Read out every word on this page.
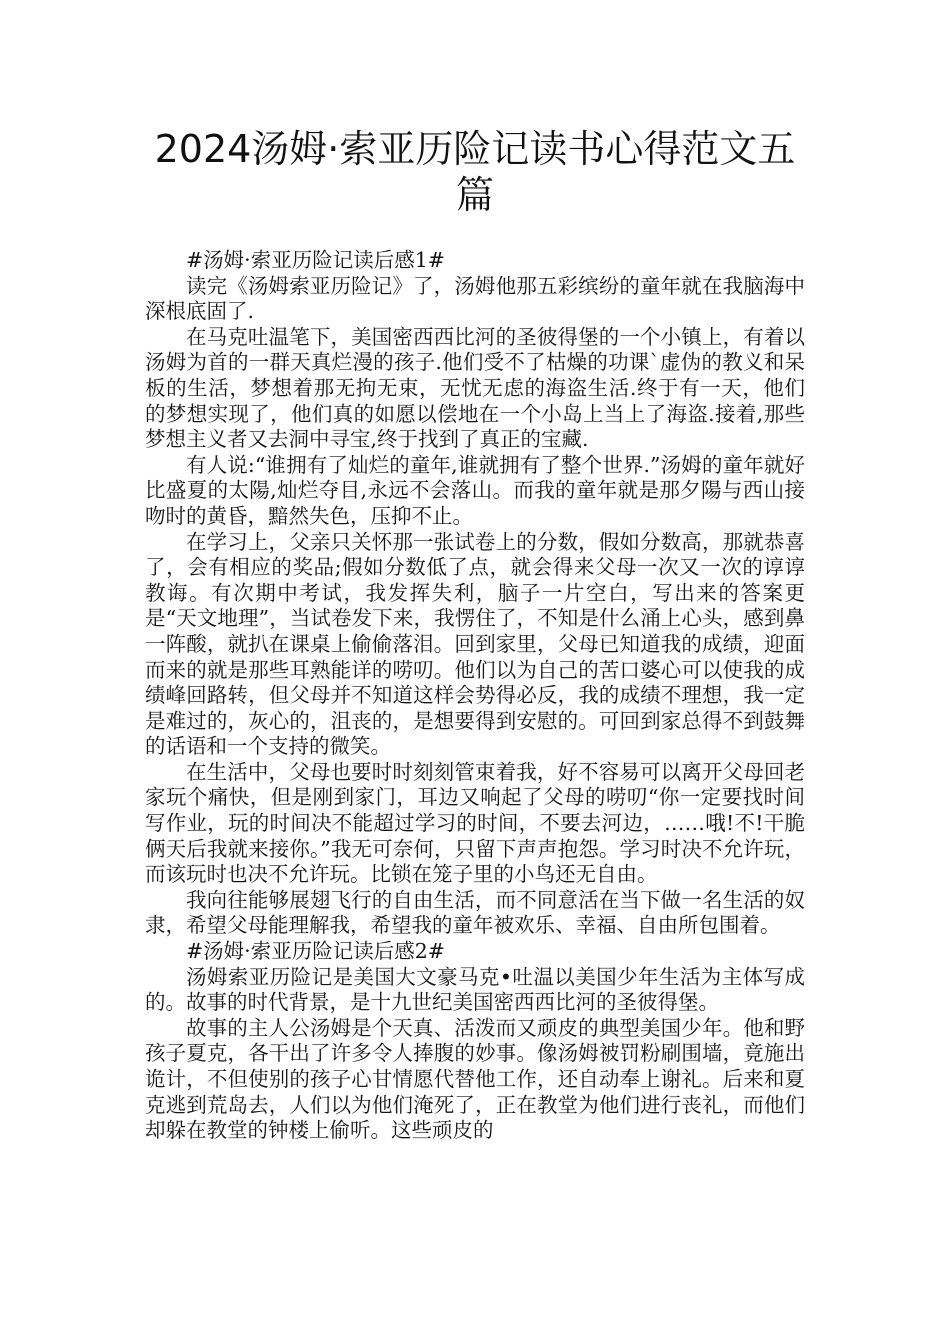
2024汤姆·索亚历险记读书心得范文五篇

#汤姆·索亚历险记读后感1#

读完《汤姆索亚历险记》了，汤姆他那五彩缤纷的童年就在我脑海中深根底固了.

在马克吐温笔下，美国密西西比河的圣彼得堡的一个小镇上，有着以汤姆为首的一群天真烂漫的孩子.他们受不了枯燥的功课`虚伪的教义和呆板的生活，梦想着那无拘无束，无忧无虑的海盗生活.终于有一天，他们的梦想实现了，他们真的如愿以偿地在一个小岛上当上了海盗.接着,那些梦想主义者又去洞中寻宝,终于找到了真正的宝藏.

有人说:“谁拥有了灿烂的童年,谁就拥有了整个世界.”汤姆的童年就好比盛夏的太陽,灿烂夺目,永远不会落山。而我的童年就是那夕陽与西山接吻时的黄昏，黯然失色，压抑不止。

在学习上，父亲只关怀那一张试卷上的分数，假如分数高，那就恭喜了，会有相应的奖品;假如分数低了点，就会得来父母一次又一次的谆谆教诲。有次期中考试，我发挥失利，脑子一片空白，写出来的答案更是“天文地理”，当试卷发下来，我愣住了，不知是什么涌上心头，感到鼻一阵酸，就扒在课桌上偷偷落泪。回到家里，父母已知道我的成绩，迎面而来的就是那些耳熟能详的唠叨。他们以为自己的苦口婆心可以使我的成绩峰回路转，但父母并不知道这样会势得必反，我的成绩不理想，我一定是难过的，灰心的，沮丧的，是想要得到安慰的。可回到家总得不到鼓舞的话语和一个支持的微笑。

在生活中，父母也要时时刻刻管束着我，好不容易可以离开父母回老家玩个痛快，但是刚到家门，耳边又响起了父母的唠叨“你一定要找时间写作业，玩的时间决不能超过学习的时间，不要去河边，……哦!不!干脆俩天后我就来接你。”我无可奈何，只留下声声抱怨。学习时决不允许玩，而该玩时也决不允许玩。比锁在笼子里的小鸟还无自由。

我向往能够展翅飞行的自由生活，而不同意活在当下做一名生活的奴隶，希望父母能理解我，希望我的童年被欢乐、幸福、自由所包围着。

#汤姆·索亚历险记读后感2#

汤姆索亚历险记是美国大文豪马克•吐温以美国少年生活为主体写成的。故事的时代背景，是十九世纪美国密西西比河的圣彼得堡。

故事的主人公汤姆是个天真、活泼而又顽皮的典型美国少年。他和野孩子夏克，各干出了许多令人捧腹的妙事。像汤姆被罚粉刷围墙，竟施出诡计，不但使别的孩子心甘情愿代替他工作，还自动奉上谢礼。后来和夏克逃到荒岛去，人们以为他们淹死了，正在教堂为他们进行丧礼，而他们却躲在教堂的钟楼上偷听。这些顽皮的
